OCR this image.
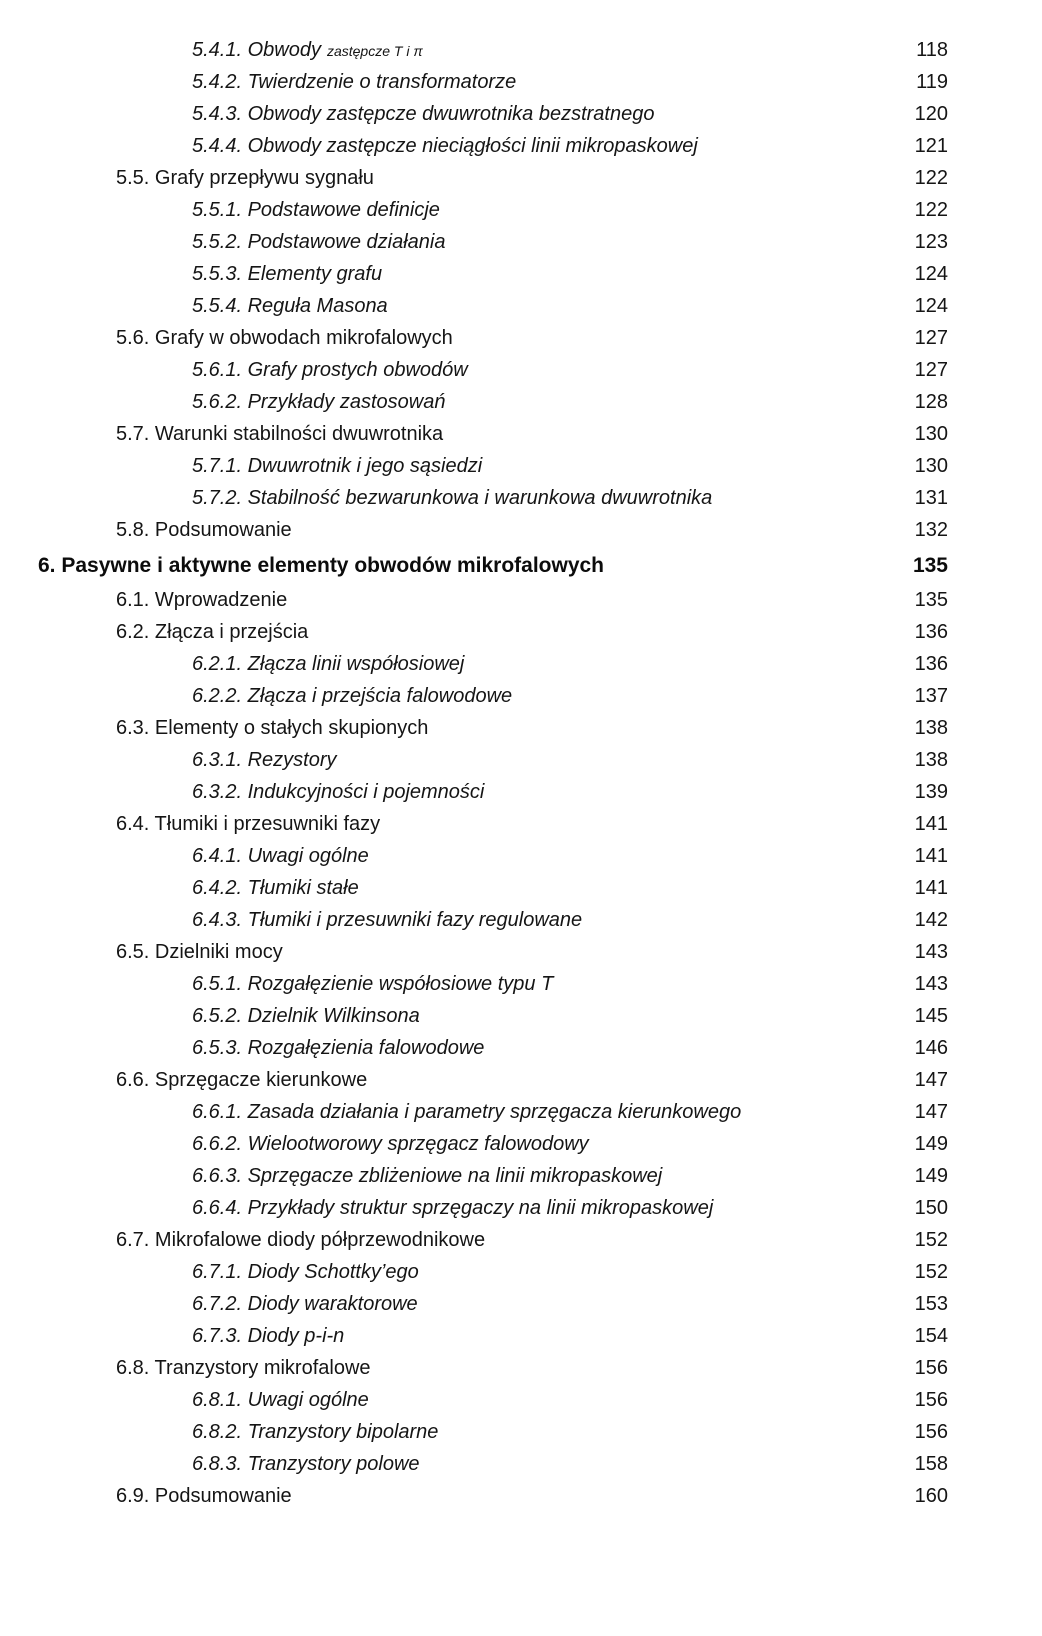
5.4.1. Obwody zastępcze T i π	118
5.4.2. Twierdzenie o transformatorze	119
5.4.3. Obwody zastępcze dwuwrotnika bezstratnego	120
5.4.4. Obwody zastępcze nieciągłości linii mikropaskowej	121
5.5. Grafy przepływu sygnału	122
5.5.1. Podstawowe definicje	122
5.5.2. Podstawowe działania	123
5.5.3. Elementy grafu	124
5.5.4. Reguła Masona	124
5.6. Grafy w obwodach mikrofalowych	127
5.6.1. Grafy prostych obwodów	127
5.6.2. Przykłady zastosowań	128
5.7. Warunki stabilności dwuwrotnika	130
5.7.1. Dwuwrotnik i jego sąsiedzi	130
5.7.2. Stabilność bezwarunkowa i warunkowa dwuwrotnika	131
5.8. Podsumowanie	132
6. Pasywne i aktywne elementy obwodów mikrofalowych	135
6.1. Wprowadzenie	135
6.2. Złącza i przejścia	136
6.2.1. Złącza linii współosiowej	136
6.2.2. Złącza i przejścia falowodowe	137
6.3. Elementy o stałych skupionych	138
6.3.1. Rezystory	138
6.3.2. Indukcyjności i pojemności	139
6.4. Tłumiki i przesuwniki fazy	141
6.4.1. Uwagi ogólne	141
6.4.2. Tłumiki stałe	141
6.4.3. Tłumiki i przesuwniki fazy regulowane	142
6.5. Dzielniki mocy	143
6.5.1. Rozgałęzienie współosiowe typu T	143
6.5.2. Dzielnik Wilkinsona	145
6.5.3. Rozgałęzienia falowodowe	146
6.6. Sprzęgacze kierunkowe	147
6.6.1. Zasada działania i parametry sprzęgacza kierunkowego	147
6.6.2. Wielootworowy sprzęgacz falowodowy	149
6.6.3. Sprzęgacze zbliżeniowe na linii mikropaskowej	149
6.6.4. Przykłady struktur sprzęgaczy na linii mikropaskowej	150
6.7. Mikrofalowe diody półprzewodnikowe	152
6.7.1. Diody Schottky’ego	152
6.7.2. Diody waraktorowe	153
6.7.3. Diody p-i-n	154
6.8. Tranzystory mikrofalowe	156
6.8.1. Uwagi ogólne	156
6.8.2. Tranzystory bipolarne	156
6.8.3. Tranzystory polowe	158
6.9. Podsumowanie	160
